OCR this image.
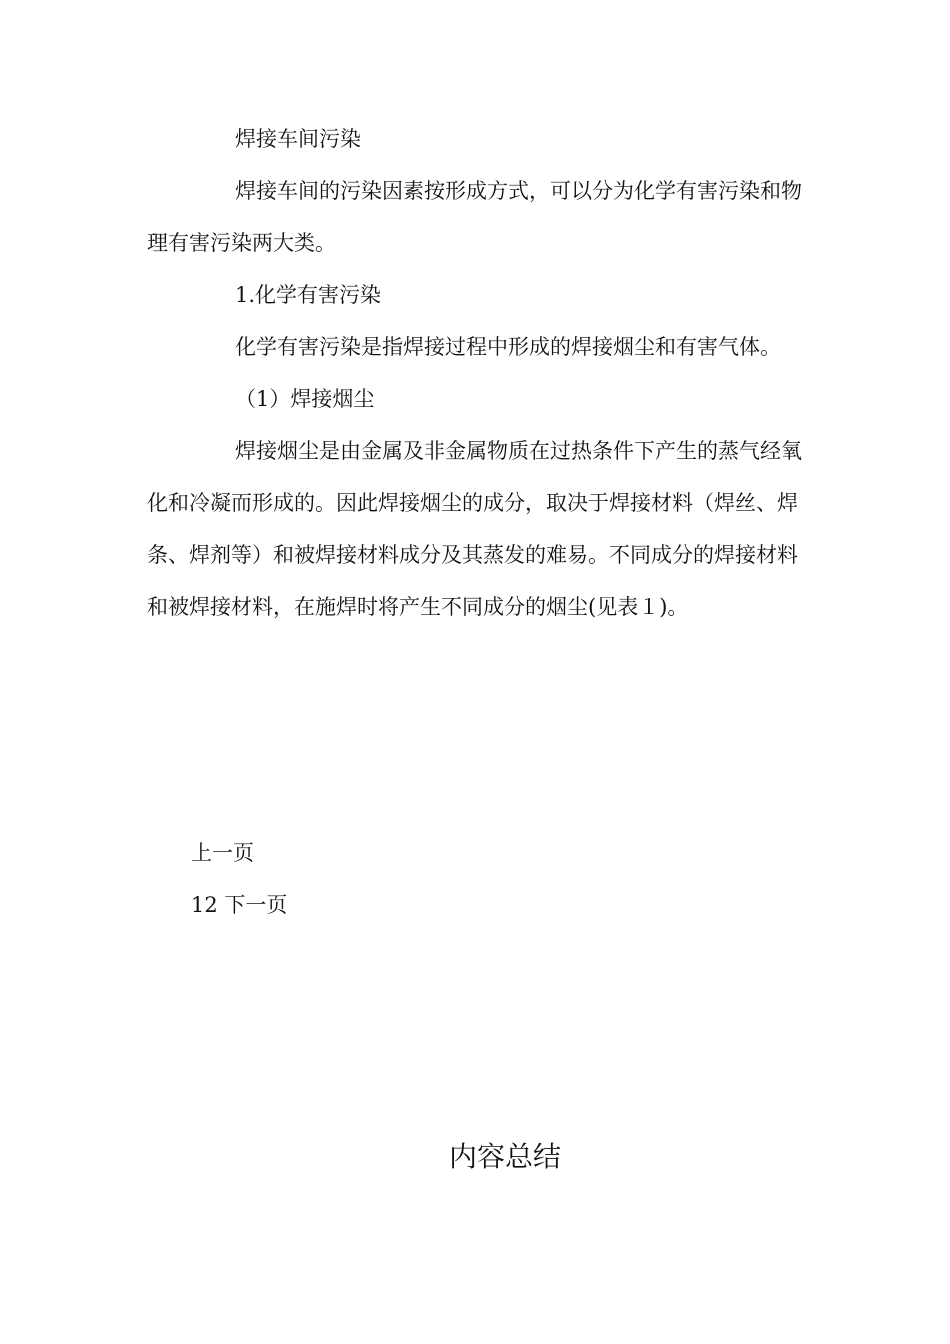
焊接车间污染

焊接车间的污染因素按形成方式，可以分为化学有害污染和物理有害污染两大类。

1.化学有害污染

化学有害污染是指焊接过程中形成的焊接烟尘和有害气体。

（1）焊接烟尘

焊接烟尘是由金属及非金属物质在过热条件下产生的蒸气经氧化和冷凝而形成的。因此焊接烟尘的成分，取决于焊接材料（焊丝、焊条、焊剂等）和被焊接材料成分及其蒸发的难易。不同成分的焊接材料和被焊接材料，在施焊时将产生不同成分的烟尘(见表１)。

上一页
12 下一页
内容总结
